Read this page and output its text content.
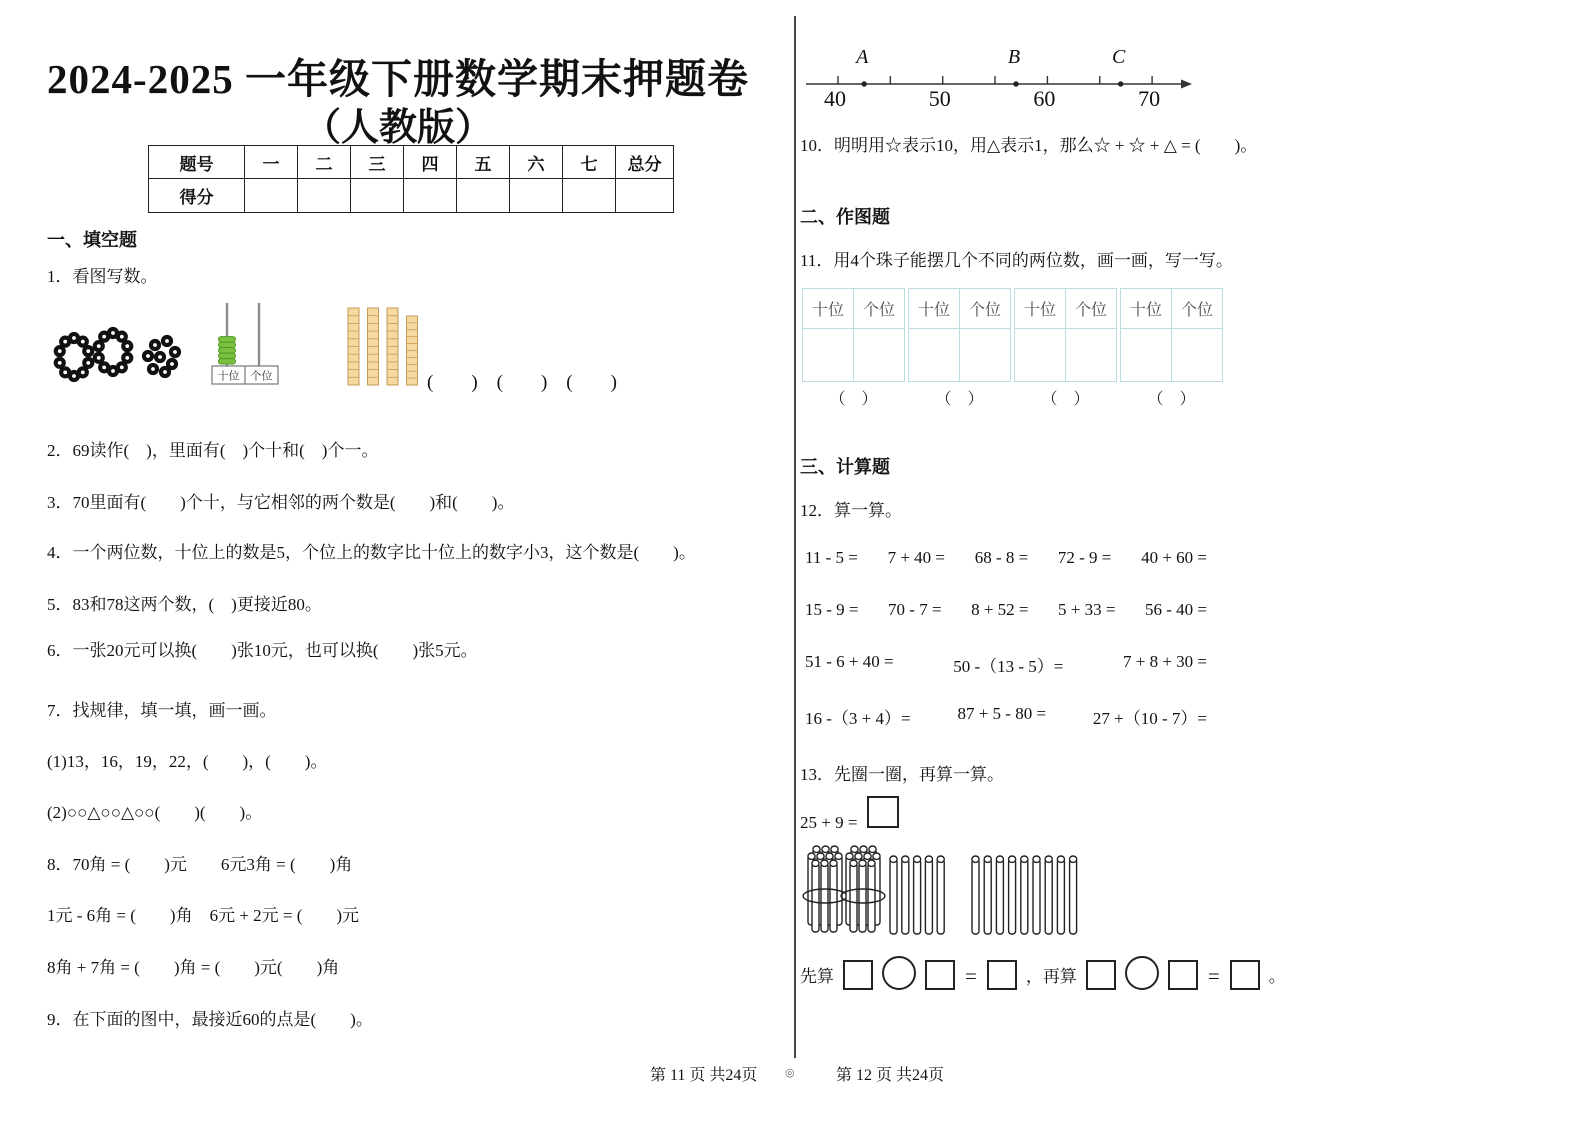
2024-2025 一年级下册数学期末押题卷
（人教版）
题号	一	二	三	四	五	六	七	总分
得分								
一、填空题
1．看图写数。
十位 个位	(　　)　(　　)　(　　)
2．69读作(　)，里面有(　)个十和(　)个一。
3．70里面有(　　)个十，与它相邻的两个数是(　　)和(　　)。
4．一个两位数，十位上的数是5，个位上的数字比十位上的数字小3，这个数是(　　)。
5．83和78这两个数，(　)更接近80。
6．一张20元可以换(　　)张10元，也可以换(　　)张5元。
7．找规律，填一填，画一画。
(1)13，16，19，22，(　　)，(　　)。
(2)○○△○○△○○(　　)(　　)。
8．70角 = (　　)元　　6元3角 = (　　)角
1元 - 6角 = (　　)角　6元 + 2元 = (　　)元
8角 + 7角 = (　　)角 = (　　)元(　　)角
9．在下面的图中，最接近60的点是(　　)。
40	50	60	70
A	B	C
10．明明用☆表示10，用△表示1，那么☆ + ☆ + △ = (　　)。
二、作图题
11．用4个珠子能摆几个不同的两位数，画一画，写一写。
十位	个位

（　）
十位	个位

（　）
十位	个位

（　）
十位	个位

（　）
三、计算题
12．算一算。
13．先圈一圈，再算一算。
25 + 9 =
先算	=	，再算	=	。
第 11 页 共24页	◎	第 12 页 共24页
11 - 5 = 7 + 40 = 68 - 8 = 72 - 9 = 40 + 60 =
15 - 9 = 70 - 7 = 8 + 52 = 5 + 33 = 56 - 40 =
51 - 6 + 40 =	50 -（13 - 5）=	7 + 8 + 30 =
16 -（3 + 4）=	87 + 5 - 80 =	27 +（10 - 7）=
